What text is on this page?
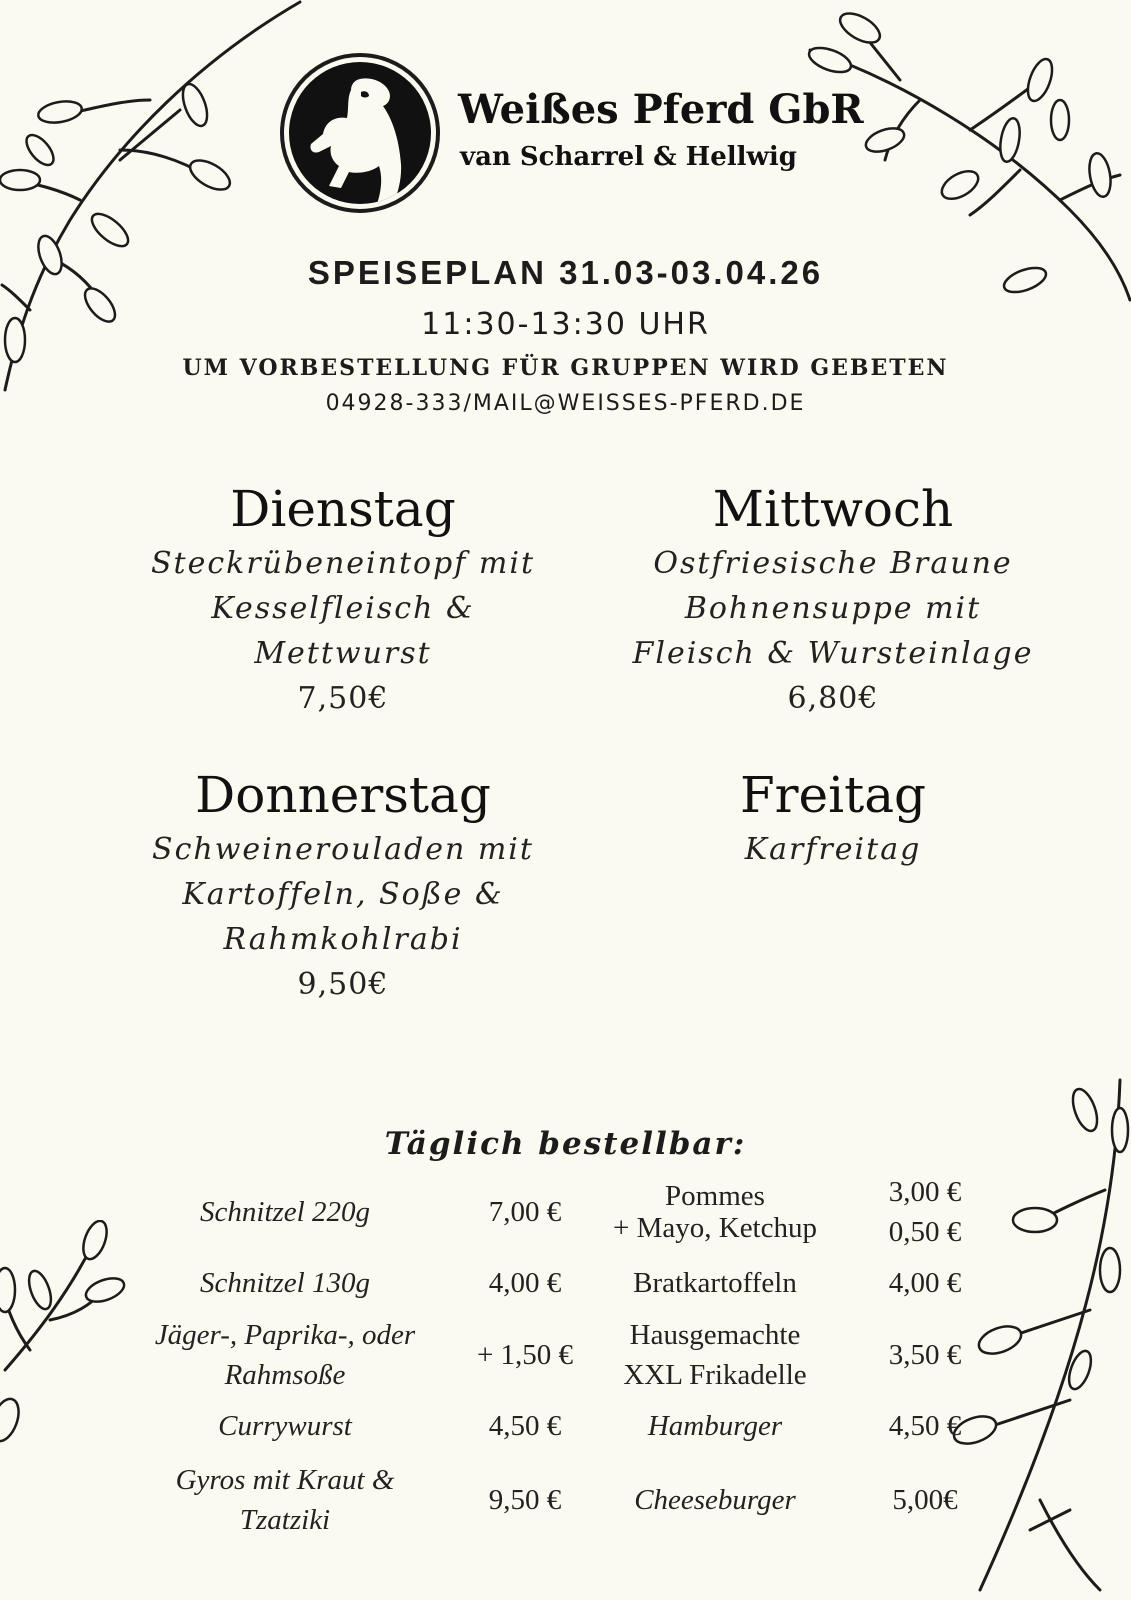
Weißes Pferd GbR
van Scharrel & Hellwig
SPEISEPLAN 31.03-03.04.26
11:30-13:30 UHR
UM VORBESTELLUNG FÜR GRUPPEN WIRD GEBETEN
04928-333/MAIL@WEISSES-PFERD.DE
Dienstag
Steckrübeneintopf mit
Kesselfleisch &
Mettwurst
7,50€
Mittwoch
Ostfriesische Braune
Bohnensuppe mit
Fleisch & Wursteinlage
6,80€
Donnerstag
Schweinerouladen mit
Kartoffeln, Soße &
Rahmkohlrabi
9,50€
Freitag
Karfreitag
Täglich bestellbar:
Schnitzel 220g
Schnitzel 130g
Jäger-, Paprika-, oder
Rahmsoße
Currywurst
Gyros mit Kraut &
Tzatziki
7,00 €
4,00 €
+ 1,50 €
4,50 €
9,50 €
Pommes
+ Mayo, Ketchup
Bratkartoffeln
Hausgemachte
XXL Frikadelle
Hamburger
Cheeseburger
3,00 €
0,50 €
4,00 €
3,50 €
4,50 €
5,00€
